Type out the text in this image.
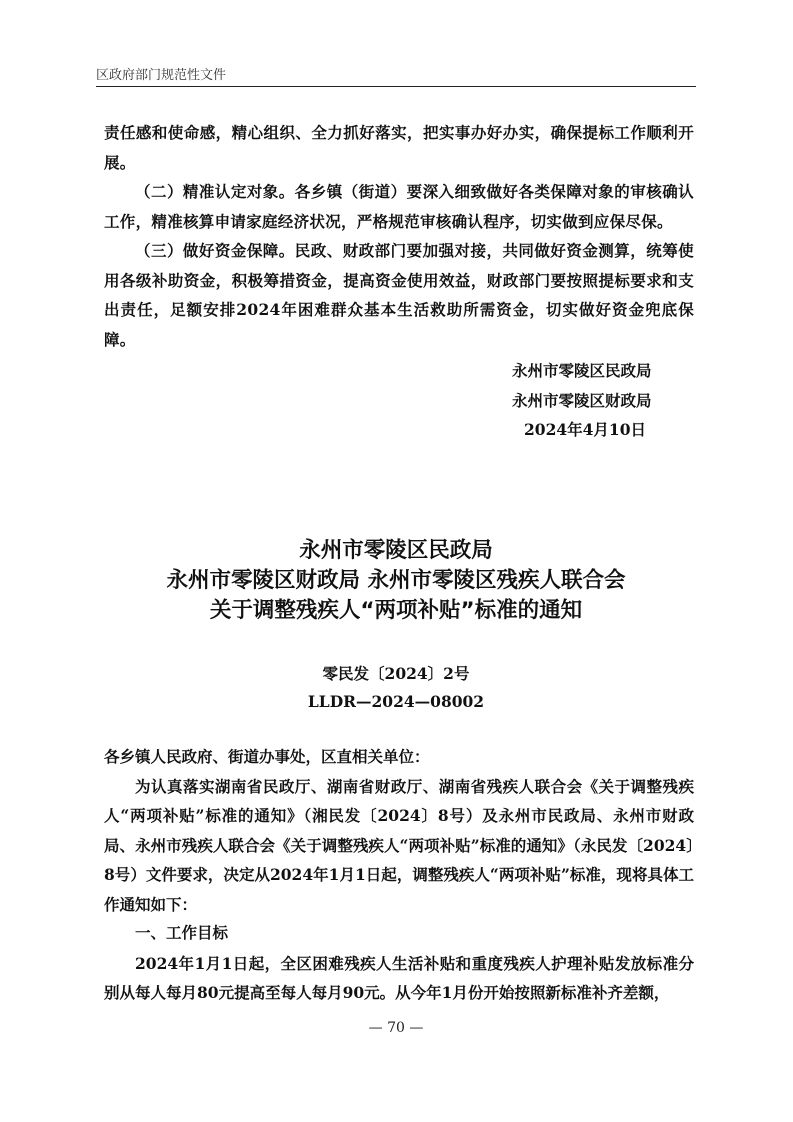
区政府部门规范性文件

责任感和使命感，精心组织、全力抓好落实，把实事办好办实，确保提标工作顺利开展。

（二）精准认定对象。各乡镇（街道）要深入细致做好各类保障对象的审核确认工作，精准核算申请家庭经济状况，严格规范审核确认程序，切实做到应保尽保。

（三）做好资金保障。民政、财政部门要加强对接，共同做好资金测算，统筹使用各级补助资金，积极筹措资金，提高资金使用效益，财政部门要按照提标要求和支出责任，足额安排2024年困难群众基本生活救助所需资金，切实做好资金兜底保障。

永州市零陵区民政局
永州市零陵区财政局
2024年4月10日
永州市零陵区民政局
永州市零陵区财政局 永州市零陵区残疾人联合会
关于调整残疾人“两项补贴”标准的通知
零民发〔2024〕2号
LLDR—2024—08002

各乡镇人民政府、街道办事处，区直相关单位：

为认真落实湖南省民政厅、湖南省财政厅、湖南省残疾人联合会《关于调整残疾人“两项补贴”标准的通知》（湘民发〔2024〕8号）及永州市民政局、永州市财政局、永州市残疾人联合会《关于调整残疾人“两项补贴”标准的通知》（永民发〔2024〕8号）文件要求，决定从2024年1月1日起，调整残疾人“两项补贴”标准，现将具体工作通知如下：

一、工作目标

2024年1月1日起，全区困难残疾人生活补贴和重度残疾人护理补贴发放标准分别从每人每月80元提高至每人每月90元。从今年1月份开始按照新标准补齐差额，

— 70 —
